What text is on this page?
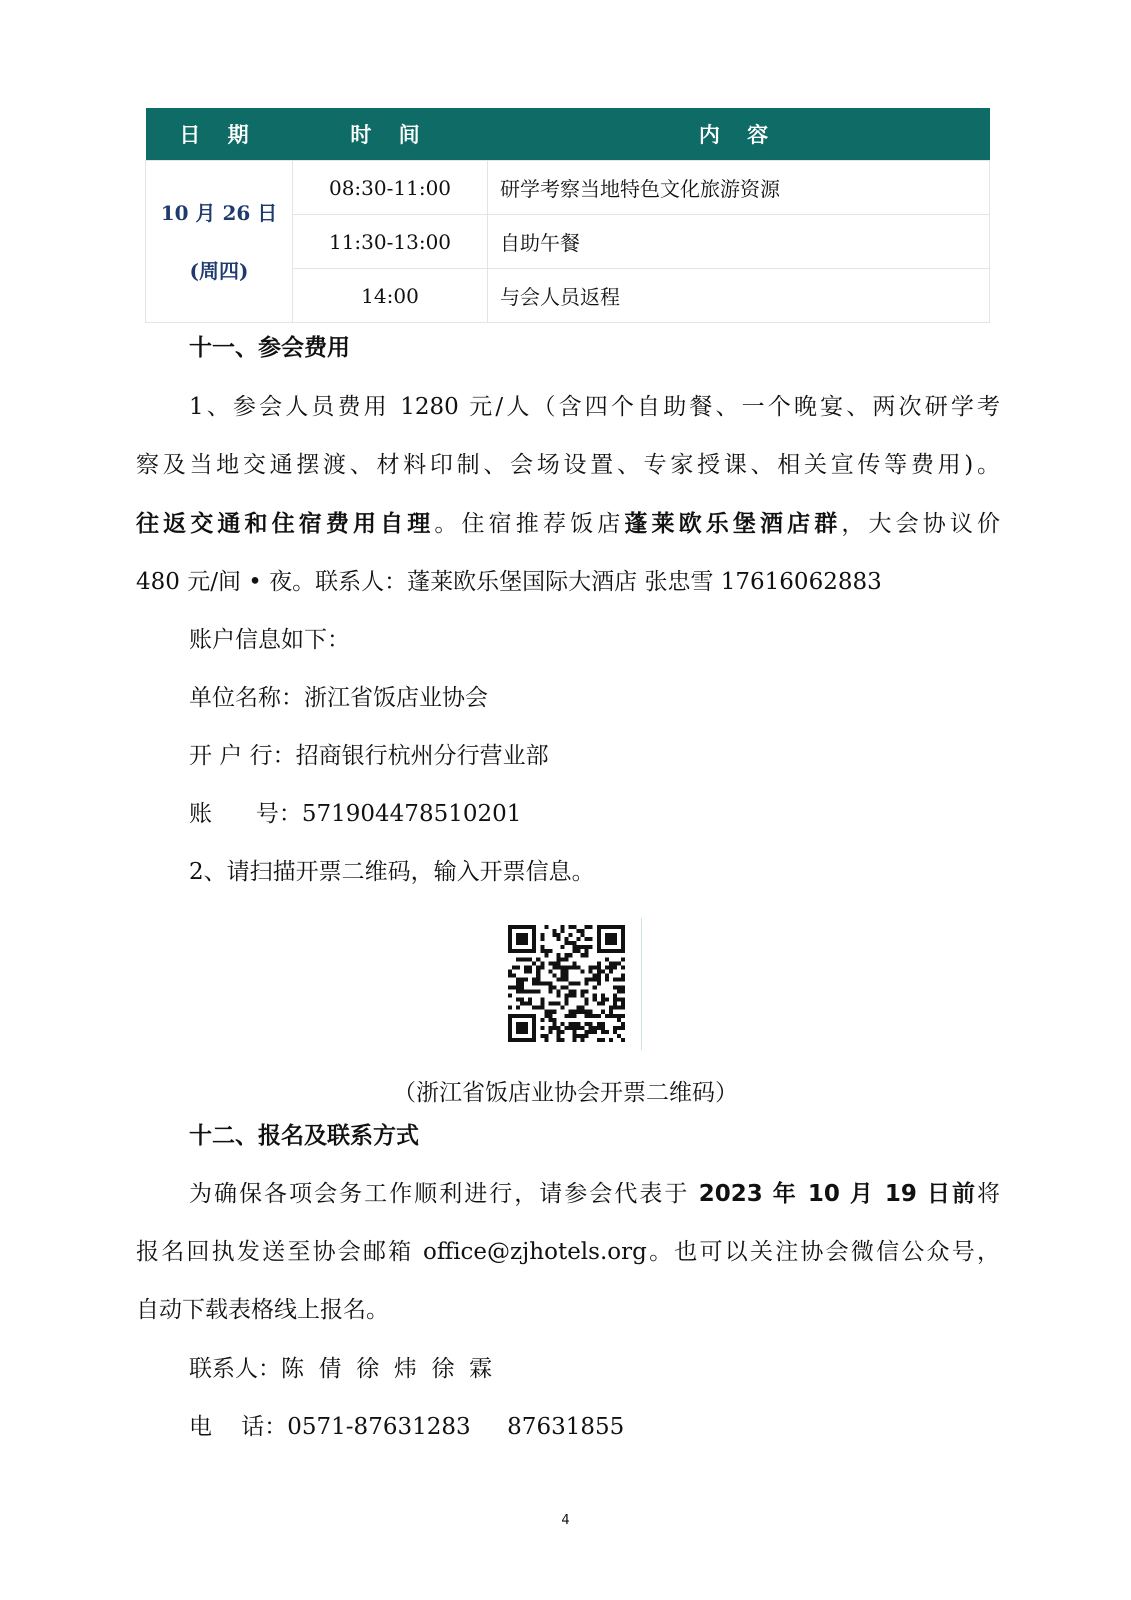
日 期	时 间	内 容

10 月 26 日
(周四)	08:30-11:00	研学考察当地特色文化旅游资源
	11:30-13:00	自助午餐
	14:00	与会人员返程
十一、参会费用
1、参会人员费用 1280 元/人（含四个自助餐、一个晚宴、两次研学考
察及当地交通摆渡、材料印制、会场设置、专家授课、相关宣传等费用)。
往返交通和住宿费用自理。住宿推荐饭店蓬莱欧乐堡酒店群，大会协议价
480 元/间 • 夜。联系人：蓬莱欧乐堡国际大酒店 张忠雪 17616062883
账户信息如下：
单位名称：浙江省饭店业协会
开 户 行：招商银行杭州分行营业部
账      号：571904478510201
2、请扫描开票二维码，输入开票信息。
（浙江省饭店业协会开票二维码）
十二、报名及联系方式
为确保各项会务工作顺利进行，请参会代表于 2023 年 10 月 19 日前将
报名回执发送至协会邮箱 office@zjhotels.org。也可以关注协会微信公众号，
自动下载表格线上报名。
联系人：陈  倩  徐  炜  徐  霖
电    话：0571-87631283     87631855
4
